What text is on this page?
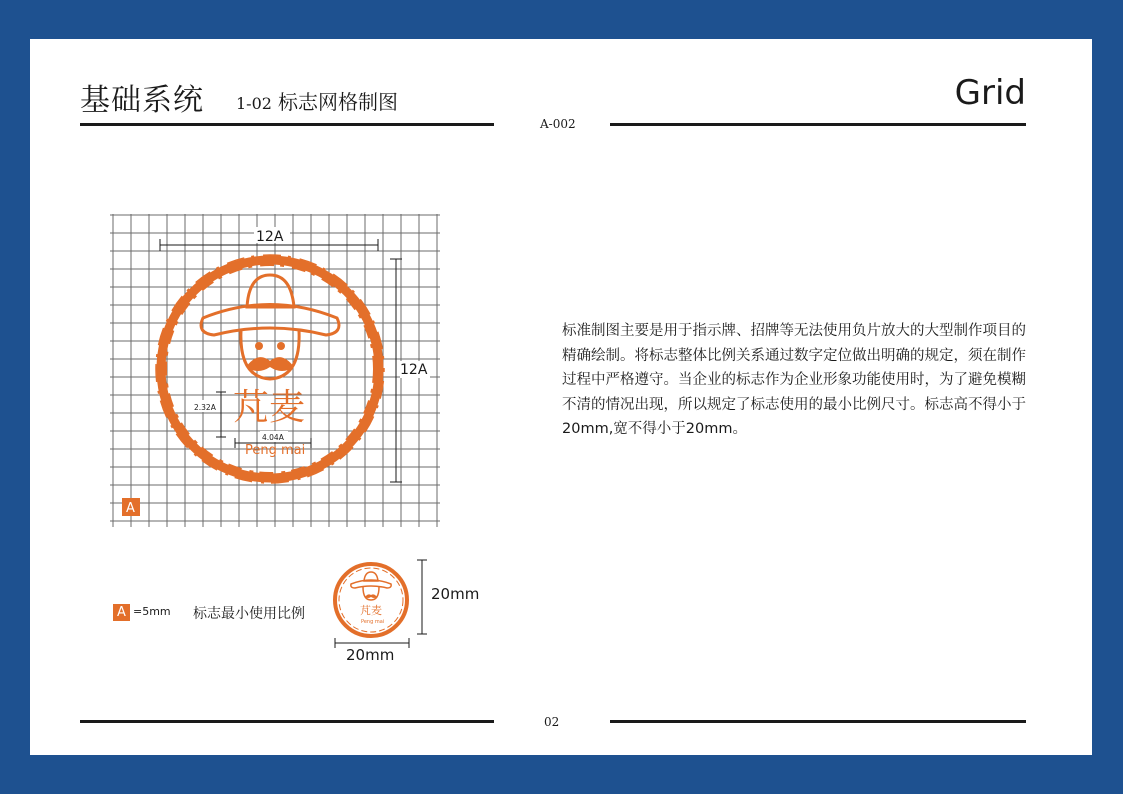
基础系统 1-02 标志网格制图	Grid
A-002
芃麦
Peng mai
12A
12A
2.32A
4.04A
A
A =5mm 标志最小使用比例	芃麦
Peng mai
20mm
20mm
标准制图主要是用于指示牌、招牌等无法使用负片放大的大型制作项目的精确绘制。将标志整体比例关系通过数字定位做出明确的规定，须在制作过程中严格遵守。当企业的标志作为企业形象功能使用时，为了避免模糊不清的情况出现，所以规定了标志使用的最小比例尺寸。标志高不得小于20mm,宽不得小于20mm。
02
